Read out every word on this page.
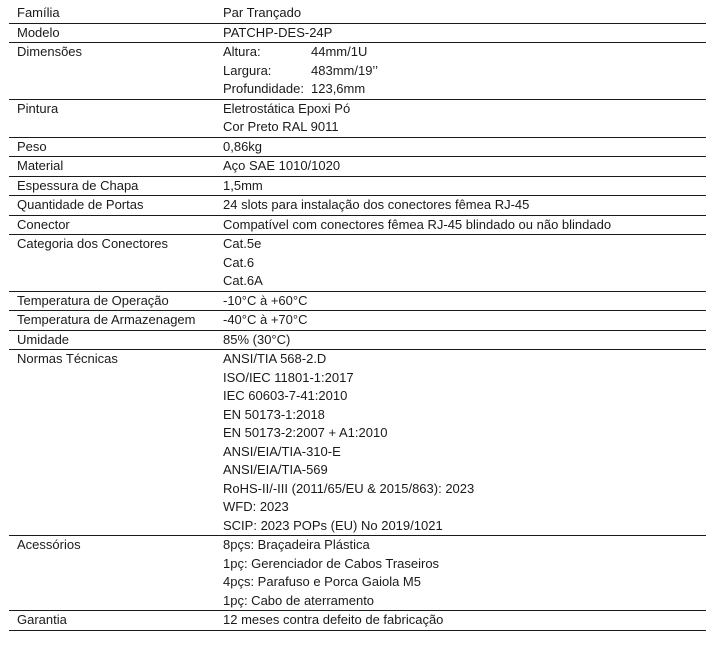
Família	Par Trançado
Modelo	PATCHP-DES-24P
Dimensões	Altura:	44mm/1U
Largura:	483mm/19’’
Profundidade: 123,6mm
Pintura	Eletrostática Epoxi Pó
Cor Preto RAL 9011
Peso	0,86kg
Material	Aço SAE 1010/1020
Espessura de Chapa	1,5mm
Quantidade de Portas	24 slots para instalação dos conectores fêmea RJ-45
Conector	Compatível com conectores fêmea RJ-45 blindado ou não blindado
Categoria dos Conectores	Cat.5e
Cat.6
Cat.6A
Temperatura de Operação	-10°C à +60°C
Temperatura de Armazenagem	-40°C à +70°C
Umidade	85% (30°C)
Normas Técnicas	ANSI/TIA 568-2.D
ISO/IEC 11801-1:2017
IEC 60603-7-41:2010
EN 50173-1:2018
EN 50173-2:2007 + A1:2010
ANSI/EIA/TIA-310-E
ANSI/EIA/TIA-569
RoHS-II/-III (2011/65/EU & 2015/863): 2023
WFD: 2023
SCIP: 2023 POPs (EU) No 2019/1021
Acessórios	8pçs: Braçadeira Plástica
1pç: Gerenciador de Cabos Traseiros
4pçs: Parafuso e Porca Gaiola M5
1pç: Cabo de aterramento
Garantia	12 meses contra defeito de fabricação
